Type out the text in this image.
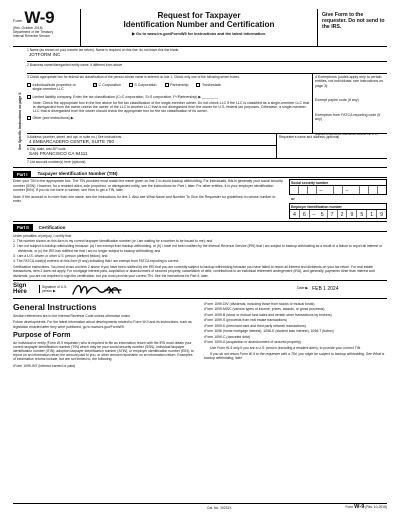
Form W-9
(Rev. October 2018)
Department of the Treasury
Internal Revenue Service
Request for Taxpayer
Identification Number and Certification
▶ Go to www.irs.gov/FormW9 for instructions and the latest information.
Give Form to the requester. Do not send to the IRS.
See Specific Instructions on page 3.
1 Name (as shown on your income tax return). Name is required on this line; do not leave this line blank.
JOTFORM INC
2 Business name/disregarded entity name, if different from above
3 Check appropriate box for federal tax classification of the person whose name is entered on line 1. Check only one of the following seven boxes.
Individual/sole proprietor or single-member LLC
✓ C Corporation	S Corporation	Partnership	Trust/estate
Limited liability company. Enter the tax classification (C=C corporation, S=S corporation, P=Partnership) ▶ ________
Note: Check the appropriate box in the line above for the tax classification of the single-member owner. Do not check LLC if the LLC is classified as a single-member LLC that is disregarded from the owner unless the owner of the LLC is another LLC that is not disregarded from the owner for U.S. federal tax purposes. Otherwise, a single-member LLC that is disregarded from the owner should check the appropriate box for the tax classification of its owner.
Other (see instructions) ▶
4 Exemptions (codes apply only to certain entities, not individuals; see instructions on page 3):
Exempt payee code (if any)
Exemption from FATCA reporting code (if any)
(Applies to accounts maintained outside the U.S.)
5 Address (number, street, and apt. or suite no.) See instructions.
4 EMBARCADERO CENTER, SUITE 780
6 City, state, and ZIP code
SAN FRANCISCO CA 94111
Requester's name and address (optional)
7 List account number(s) here (optional)
Part I	Taxpayer Identification Number (TIN)
Enter your TIN in the appropriate box. The TIN provided must match the name given on line 1 to avoid backup withholding. For individuals, this is generally your social security number (SSN). However, for a resident alien, sole proprietor, or disregarded entity, see the instructions for Part I, later. For other entities, it is your employer identification number (EIN). If you do not have a number, see How to get a TIN, later.
Note: If the account is in more than one name, see the instructions for line 1. Also see What Name and Number To Give the Requester for guidelines on whose number to enter.
Social security number
–	–
or
Employer identification number
4	6	–	5	7	2	9	5	1	9
Part II	Certification

Under penalties of perjury, I certify that:

1. The number shown on this form is my correct taxpayer identification number (or I am waiting for a number to be issued to me); and

2. I am not subject to backup withholding because: (a) I am exempt from backup withholding, or (b) I have not been notified by the Internal Revenue Service (IRS) that I am subject to backup withholding as a result of a failure to report all interest or dividends, or (c) the IRS has notified me that I am no longer subject to backup withholding; and

3. I am a U.S. citizen or other U.S. person (defined below); and

4. The FATCA code(s) entered on this form (if any) indicating that I am exempt from FATCA reporting is correct.

Certification instructions. You must cross out item 2 above if you have been notified by the IRS that you are currently subject to backup withholding because you have failed to report all interest and dividends on your tax return. For real estate transactions, item 2 does not apply. For mortgage interest paid, acquisition or abandonment of secured property, cancellation of debt, contributions to an individual retirement arrangement (IRA), and generally, payments other than interest and dividends, you are not required to sign the certification, but you must provide your correct TIN. See the instructions for Part II, later.

Sign Here
Signature of U.S. person ▶
Date ▶ FEB 1 2024
General Instructions

Section references are to the Internal Revenue Code unless otherwise noted.

Future developments. For the latest information about developments related to Form W-9 and its instructions, such as legislation enacted after they were published, go to www.irs.gov/FormW9.

Purpose of Form

An individual or entity (Form W-9 requester) who is required to file an information return with the IRS must obtain your correct taxpayer identification number (TIN) which may be your social security number (SSN), individual taxpayer identification number (ITIN), adoption taxpayer identification number (ATIN), or employer identification number (EIN), to report on an information return the amount paid to you, or other amount reportable on an information return. Examples of information returns include, but are not limited to, the following.

• Form 1099-INT (interest earned or paid)
• Form 1099-DIV (dividends, including those from stocks or mutual funds)
• Form 1099-MISC (various types of income, prizes, awards, or gross proceeds)
• Form 1099-B (stock or mutual fund sales and certain other transactions by brokers)
• Form 1099-S (proceeds from real estate transactions)
• Form 1099-K (merchant card and third party network transactions)
• Form 1098 (home mortgage interest), 1098-E (student loan interest), 1098-T (tuition)
• Form 1099-C (canceled debt)
• Form 1099-A (acquisition or abandonment of secured property)

Use Form W-9 only if you are a U.S. person (including a resident alien), to provide your correct TIN.

If you do not return Form W-9 to the requester with a TIN, you might be subject to backup withholding. See What is backup withholding, later.

Cat. No. 10231X	Form W-9 (Rev. 10-2018)
